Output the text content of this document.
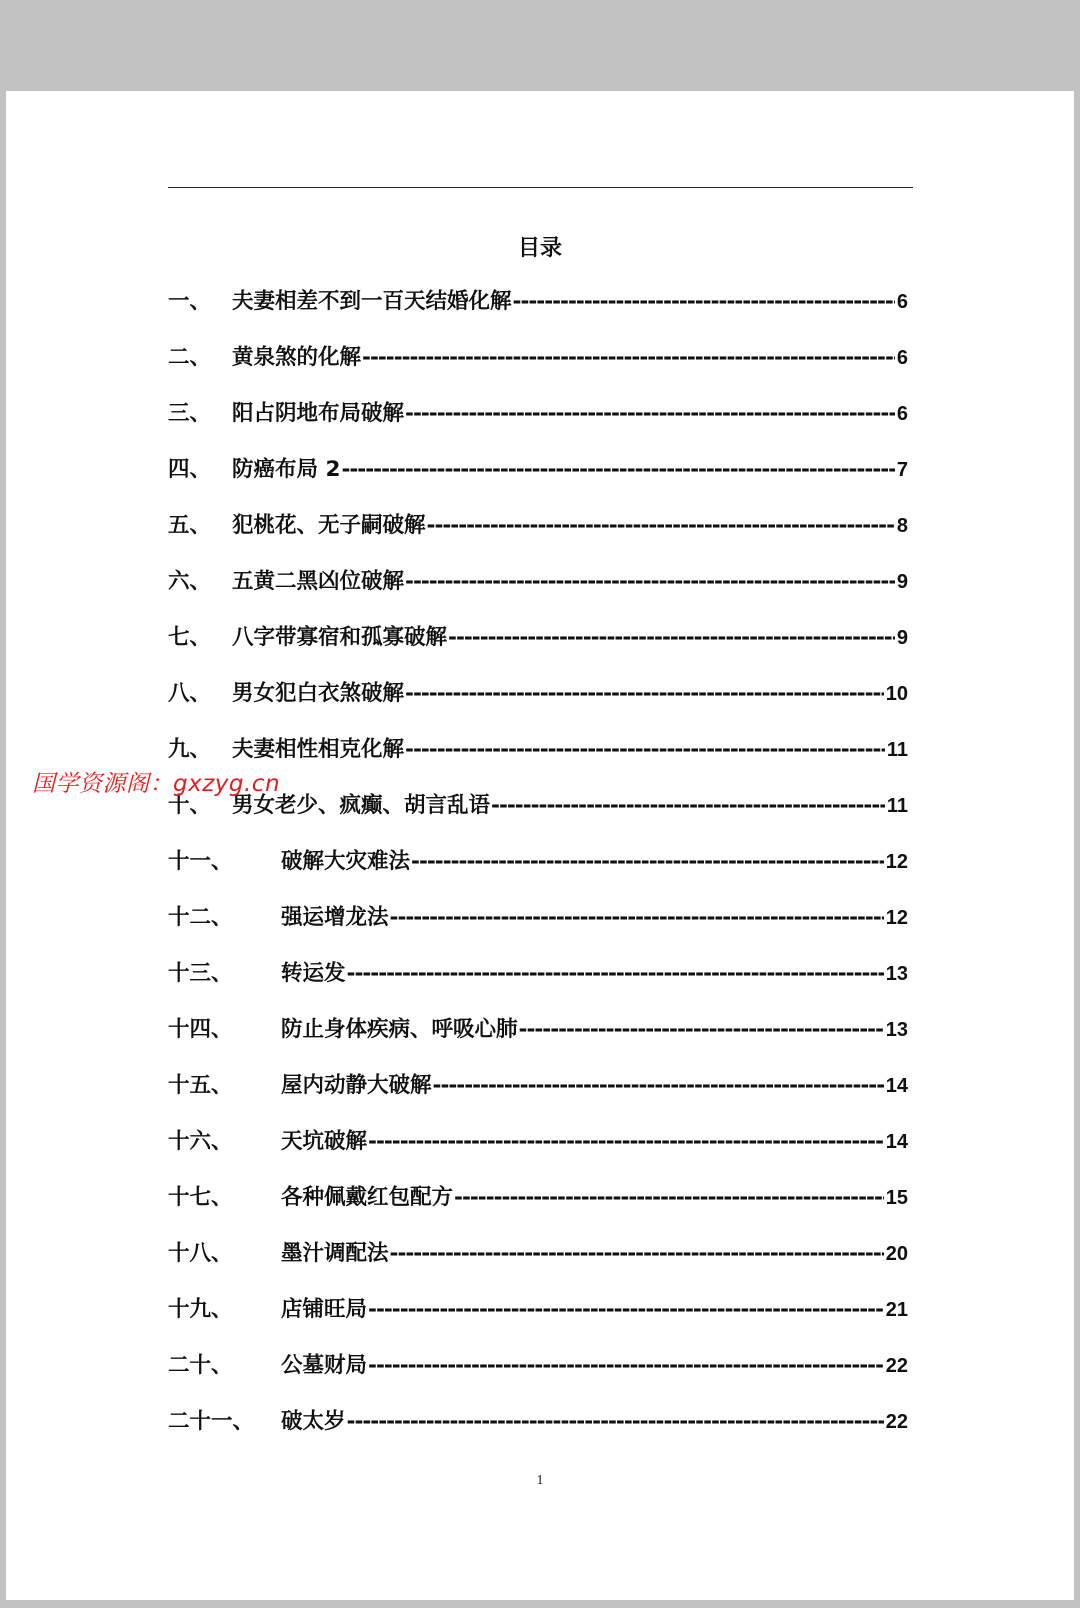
目录
一、 夫妻相差不到一百天结婚化解 -----	6
二、 黄泉煞的化解 -----	6
三、 阳占阴地布局破解 -----	6
四、 防癌布局 2 -----	7
五、 犯桃花、无子嗣破解 -----	8
六、 五黄二黑凶位破解 -----	9
七、 八字带寡宿和孤寡破解 -----	9
八、 男女犯白衣煞破解 -----	10
九、 夫妻相性相克化解 -----	11
十、 男女老少、疯癫、胡言乱语 -----	11
十一、	破解大灾难法 -----	12
十二、	强运增龙法 -----	12
十三、	转运发 -----	13
十四、	防止身体疾病、呼吸心肺 -----	13
十五、	屋内动静大破解 -----	14
十六、	天坑破解 -----	14
十七、	各种佩戴红包配方 -----	15
十八、	墨汁调配法 -----	20
十九、	店铺旺局 -----	21
二十、	公墓财局 -----	22
二十一、	破太岁 -----	22
1
国学资源阁：gxzyg.cn
